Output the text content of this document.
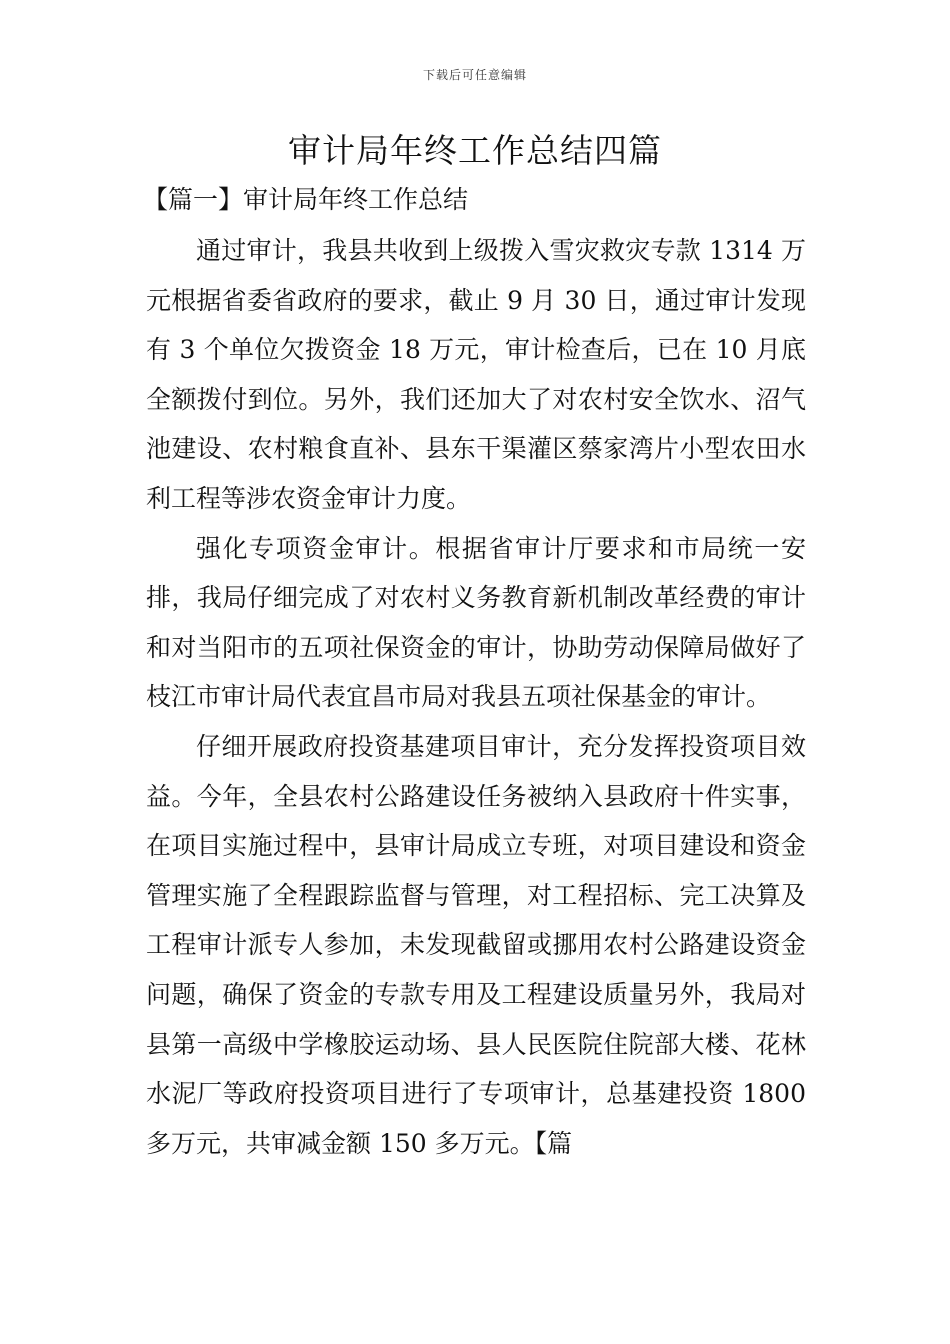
下载后可任意编辑
审计局年终工作总结四篇
【篇一】审计局年终工作总结

通过审计，我县共收到上级拨入雪灾救灾专款 1314 万元根据省委省政府的要求，截止 9 月 30 日，通过审计发现有 3 个单位欠拨资金 18 万元，审计检查后，已在 10 月底全额拨付到位。另外，我们还加大了对农村安全饮水、沼气池建设、农村粮食直补、县东干渠灌区蔡家湾片小型农田水利工程等涉农资金审计力度。

强化专项资金审计。根据省审计厅要求和市局统一安排，我局仔细完成了对农村义务教育新机制改革经费的审计和对当阳市的五项社保资金的审计，协助劳动保障局做好了枝江市审计局代表宜昌市局对我县五项社保基金的审计。

仔细开展政府投资基建项目审计，充分发挥投资项目效益。今年，全县农村公路建设任务被纳入县政府十件实事，在项目实施过程中，县审计局成立专班，对项目建设和资金管理实施了全程跟踪监督与管理，对工程招标、完工决算及工程审计派专人参加，未发现截留或挪用农村公路建设资金问题，确保了资金的专款专用及工程建设质量另外，我局对县第一高级中学橡胶运动场、县人民医院住院部大楼、花林水泥厂等政府投资项目进行了专项审计，总基建投资 1800 多万元，共审减金额 150 多万元。【篇
